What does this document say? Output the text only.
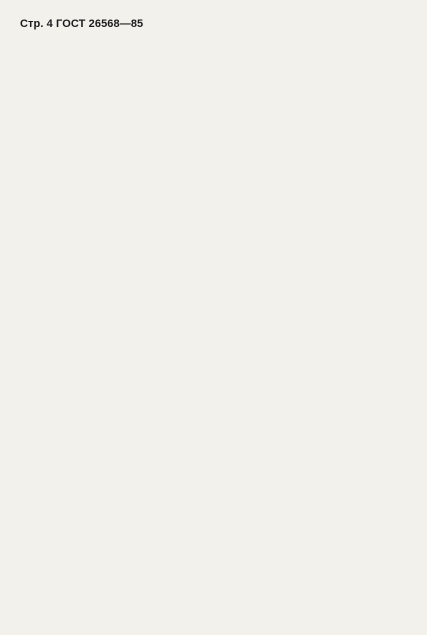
Стр. 4 ГОСТ 26568—85
